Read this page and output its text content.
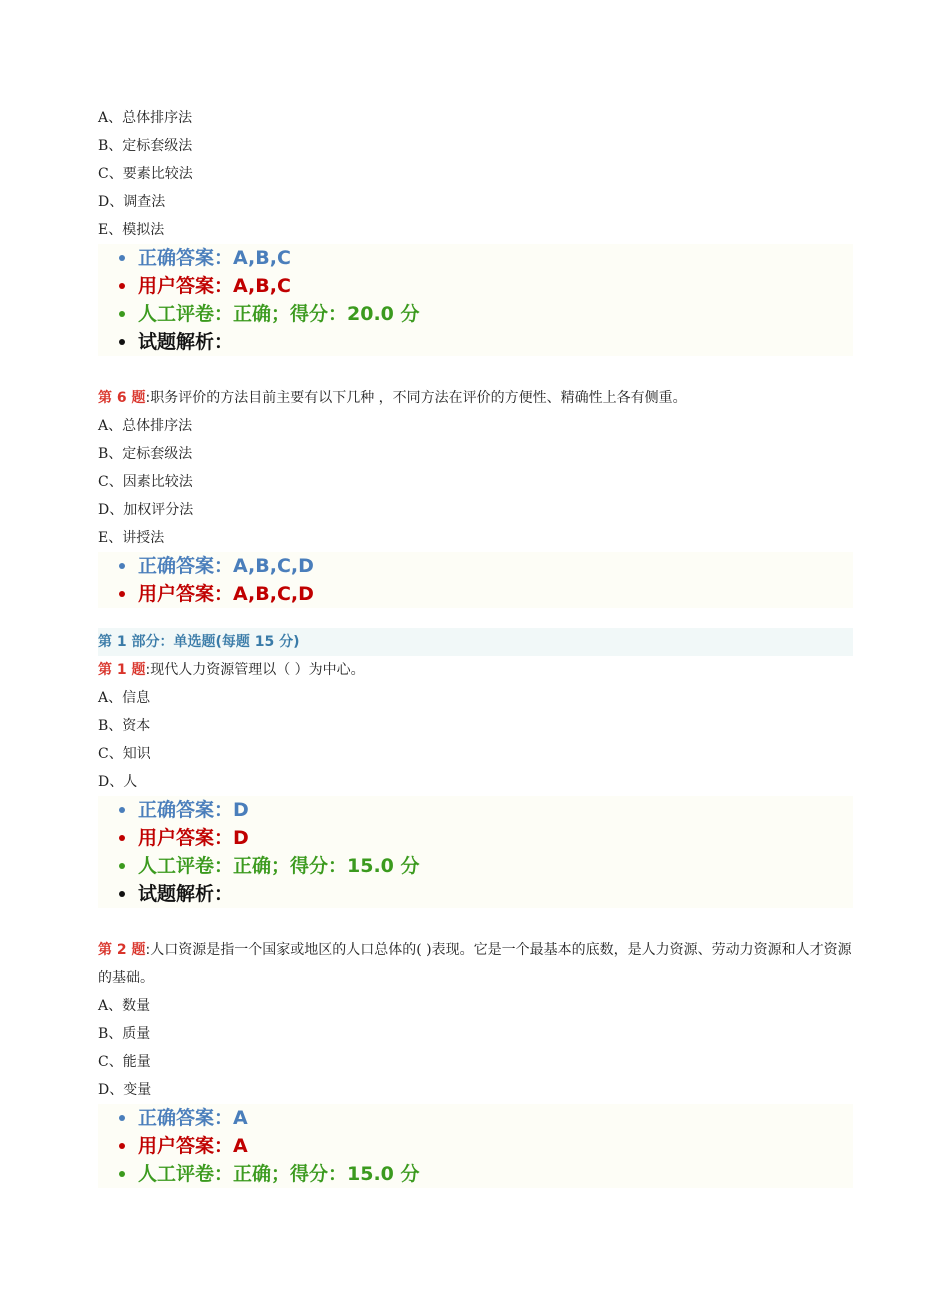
A、总体排序法
B、定标套级法
C、要素比较法
D、调查法
E、模拟法
正确答案：A,B,C
用户答案：A,B,C
人工评卷：正确；得分：20.0 分
试题解析：
第 6 题:职务评价的方法目前主要有以下几种 ，不同方法在评价的方便性、精确性上各有侧重。
A、总体排序法
B、定标套级法
C、因素比较法
D、加权评分法
E、讲授法
正确答案：A,B,C,D
用户答案：A,B,C,D
第 1 部分：单选题(每题 15 分)
第 1 题:现代人力资源管理以（ ）为中心。
A、信息
B、资本
C、知识
D、人
正确答案：D
用户答案：D
人工评卷：正确；得分：15.0 分
试题解析：
第 2 题:人口资源是指一个国家或地区的人口总体的( )表现。它是一个最基本的底数，是人力资源、劳动力资源和人才资源的基础。
A、数量
B、质量
C、能量
D、变量
正确答案：A
用户答案：A
人工评卷：正确；得分：15.0 分
